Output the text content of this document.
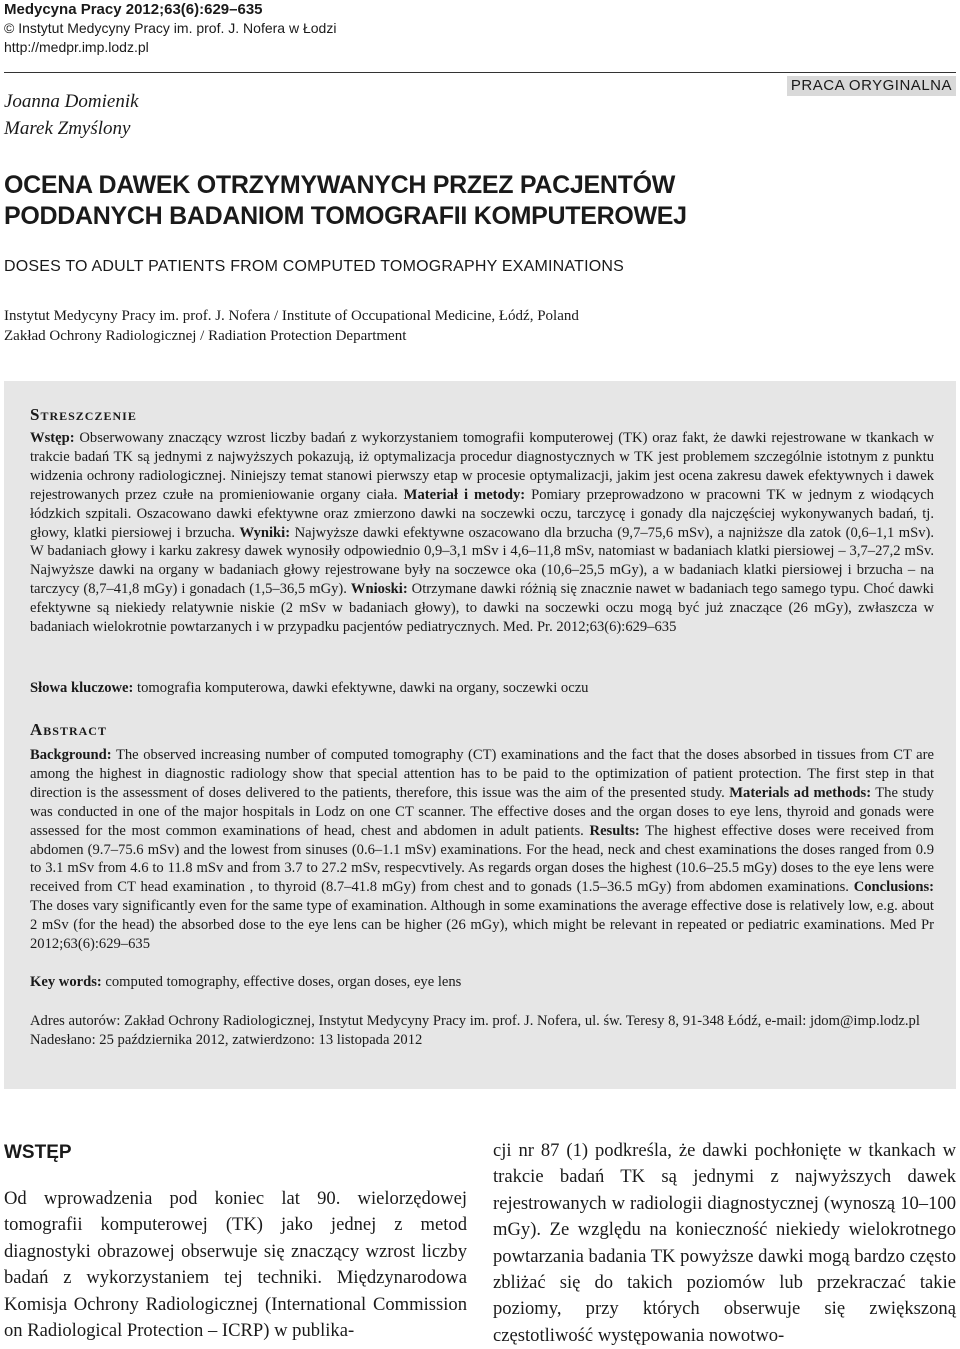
Medycyna Pracy 2012;63(6):629–635
© Instytut Medycyny Pracy im. prof. J. Nofera w Łodzi
http://medpr.imp.lodz.pl
PRACA ORYGINALNA
Joanna Domienik
Marek Zmyślony
OCENA DAWEK OTRZYMYWANYCH PRZEZ PACJENTÓW
PODDANYCH BADANIOM TOMOGRAFII KOMPUTEROWEJ
DOSES TO ADULT PATIENTS FROM COMPUTED TOMOGRAPHY EXAMINATIONS
Instytut Medycyny Pracy im. prof. J. Nofera / Institute of Occupational Medicine, Łódź, Poland
Zakład Ochrony Radiologicznej / Radiation Protection Department
Streszczenie
Wstęp: Obserwowany znaczący wzrost liczby badań z wykorzystaniem tomografii komputerowej (TK) oraz fakt, że dawki rejestrowane w tkankach w trakcie badań TK są jednymi z najwyższych pokazują, iż optymalizacja procedur diagnostycznych w TK jest problemem szczególnie istotnym z punktu widzenia ochrony radiologicznej. Niniejszy temat stanowi pierwszy etap w procesie optymalizacji, jakim jest ocena zakresu dawek efektywnych i dawek rejestrowanych przez czułe na promieniowanie organy ciała. Materiał i metody: Pomiary przeprowadzono w pracowni TK w jednym z wiodących łódzkich szpitali. Oszacowano dawki efektywne oraz zmierzono dawki na soczewki oczu, tarczycę i gonady dla najczęściej wykonywanych badań, tj. głowy, klatki piersiowej i brzucha. Wyniki: Najwyższe dawki efektywne oszacowano dla brzucha (9,7–75,6 mSv), a najniższe dla zatok (0,6–1,1 mSv). W badaniach głowy i karku zakresy dawek wynosiły odpowiednio 0,9–3,1 mSv i 4,6–11,8 mSv, natomiast w badaniach klatki piersiowej – 3,7–27,2 mSv. Najwyższe dawki na organy w badaniach głowy rejestrowane były na soczewce oka (10,6–25,5 mGy), a w badaniach klatki piersiowej i brzucha – na tarczycy (8,7–41,8 mGy) i gonadach (1,5–36,5 mGy). Wnioski: Otrzymane dawki różnią się znacznie nawet w badaniach tego samego typu. Choć dawki efektywne są niekiedy relatywnie niskie (2 mSv w badaniach głowy), to dawki na soczewki oczu mogą być już znaczące (26 mGy), zwłaszcza w badaniach wielokrotnie powtarzanych i w przypadku pacjentów pediatrycznych. Med. Pr. 2012;63(6):629–635
Słowa kluczowe: tomografia komputerowa, dawki efektywne, dawki na organy, soczewki oczu
Abstract
Background: The observed increasing number of computed tomography (CT) examinations and the fact that the doses absorbed in tissues from CT are among the highest in diagnostic radiology show that special attention has to be paid to the optimization of patient protection. The first step in that direction is the assessment of doses delivered to the patients, therefore, this issue was the aim of the presented study. Materials ad methods: The study was conducted in one of the major hospitals in Lodz on one CT scanner. The effective doses and the organ doses to eye lens, thyroid and gonads were assessed for the most common examinations of head, chest and abdomen in adult patients. Results: The highest effective doses were received from abdomen (9.7–75.6 mSv) and the lowest from sinuses (0.6–1.1 mSv) examinations. For the head, neck and chest examinations the doses ranged from 0.9 to 3.1 mSv from 4.6 to 11.8 mSv and from 3.7 to 27.2 mSv, respecvtively. As regards organ doses the highest (10.6–25.5 mGy) doses to the eye lens were received from CT head examination , to thyroid (8.7–41.8 mGy) from chest and to gonads (1.5–36.5 mGy) from abdomen examinations. Conclusions: The doses vary significantly even for the same type of examination. Although in some examinations the average effective dose is relatively low, e.g. about 2 mSv (for the head) the absorbed dose to the eye lens can be higher (26 mGy), which might be relevant in repeated or pediatric examinations. Med Pr 2012;63(6):629–635
Key words: computed tomography, effective doses, organ doses, eye lens

Adres autorów: Zakład Ochrony Radiologicznej, Instytut Medycyny Pracy im. prof. J. Nofera, ul. św. Teresy 8, 91-348 Łódź, e-mail: jdom@imp.lodz.pl

Nadesłano: 25 października 2012, zatwierdzono: 13 listopada 2012

WSTĘP
Od wprowadzenia pod koniec lat 90. wielorzędowej tomografii komputerowej (TK) jako jednej z metod diagnostyki obrazowej obserwuje się znaczący wzrost liczby badań z wykorzystaniem tej techniki. Międzynarodowa Komisja Ochrony Radiologicznej (International Commission on Radiological Protection – ICRP) w publika-
cji nr 87 (1) podkreśla, że dawki pochłonięte w tkankach w trakcie badań TK są jednymi z najwyższych dawek rejestrowanych w radiologii diagnostycznej (wynoszą 10–100 mGy). Ze względu na konieczność niekiedy wielokrotnego powtarzania badania TK powyższe dawki mogą bardzo często zbliżać się do takich poziomów lub przekraczać takie poziomy, przy których obserwuje się zwiększoną częstotliwość występowania nowotwo-
